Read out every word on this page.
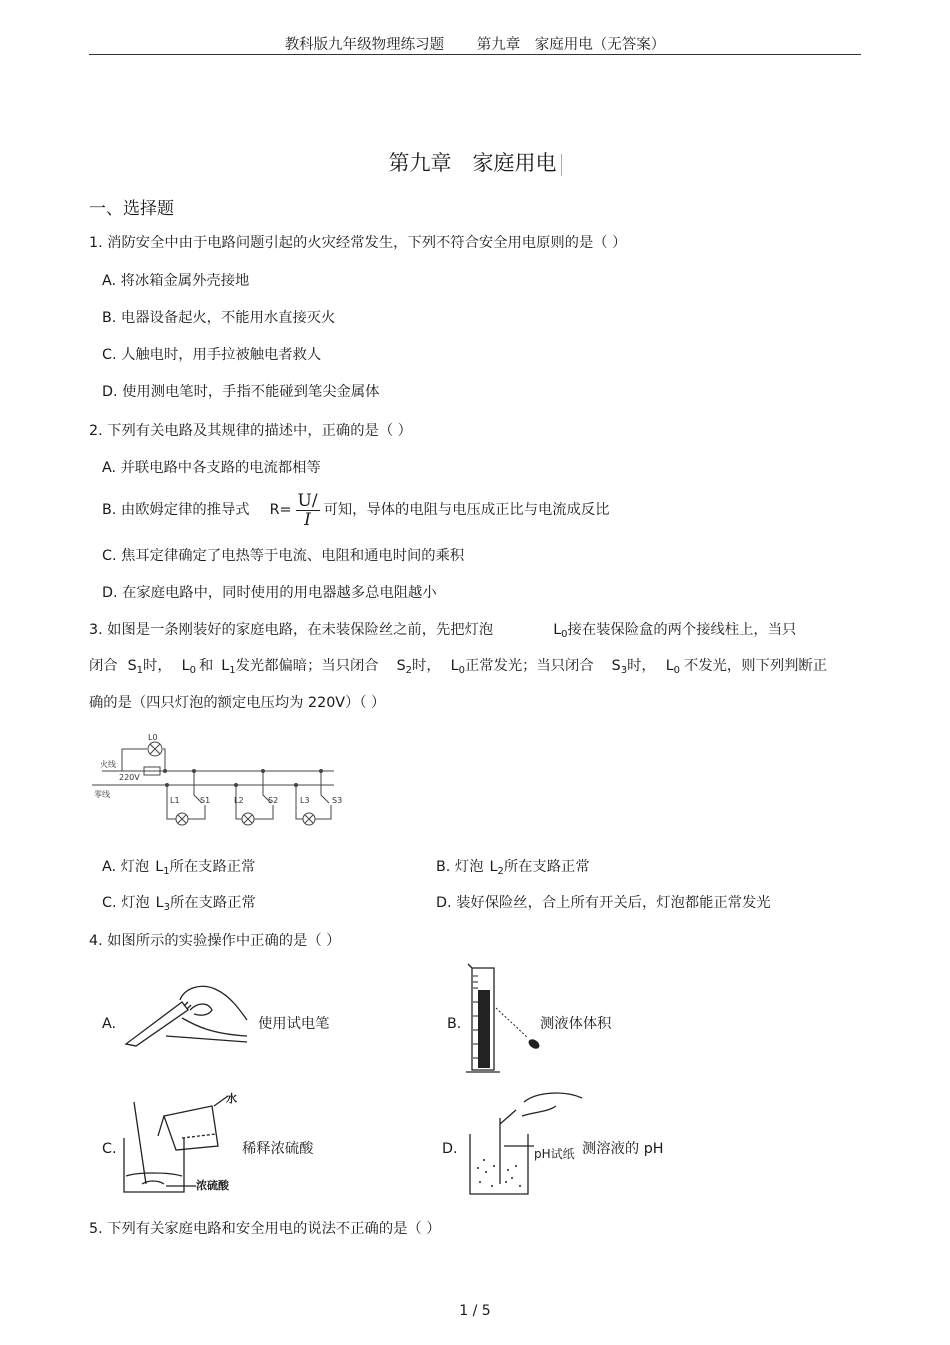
教科版九年级物理练习题 第九章　家庭用电（无答案）
第九章　家庭用电
一、选择题
1. 消防安全中由于电路问题引起的火灾经常发生，下列不符合安全用电原则的是（ ）
A. 将冰箱金属外壳接地
B. 电器设备起火，不能用水直接灭火
C. 人触电时，用手拉被触电者救人
D. 使用测电笔时，手指不能碰到笔尖金属体
2. 下列有关电路及其规律的描述中，正确的是（ ）
A. 并联电路中各支路的电流都相等
B. 由欧姆定律的推导式 $R= \frac{U/}{I}$ 可知，导体的电阻与电压成正比与电流成反比
C. 焦耳定律确定了电热等于电流、电阻和通电时间的乘积
D. 在家庭电路中，同时使用的用电器越多总电阻越小
3. 如图是一条刚装好的家庭电路，在未装保险丝之前，先把灯泡	$L_0$接在装保险盒的两个接线柱上，当只
闭合 $S_1$时， $L_0$ 和 $L_1$发光都偏暗；当只闭合 $S_2$时， $L_0$正常发光；当只闭合 $S_3$时， $L_0$ 不发光，则下列判断正
确的是（四只灯泡的额定电压均为 220V）（ ）
火线
220V
零线
L0
L1	S1	L2	S2	L3	S3
A. 灯泡 $L_1$所在支路正常	B. 灯泡 $L_2$所在支路正常
C. 灯泡 $L_3$所在支路正常	D. 装好保险丝，合上所有开关后，灯泡都能正常发光
4. 如图所示的实验操作中正确的是（ ）
A.	使用试电笔	B.	测液体体积
C.
水
浓硫酸
稀释浓硫酸	D.	pH试纸 测溶液的 pH
5. 下列有关家庭电路和安全用电的说法不正确的是（ ）
1 / 5
